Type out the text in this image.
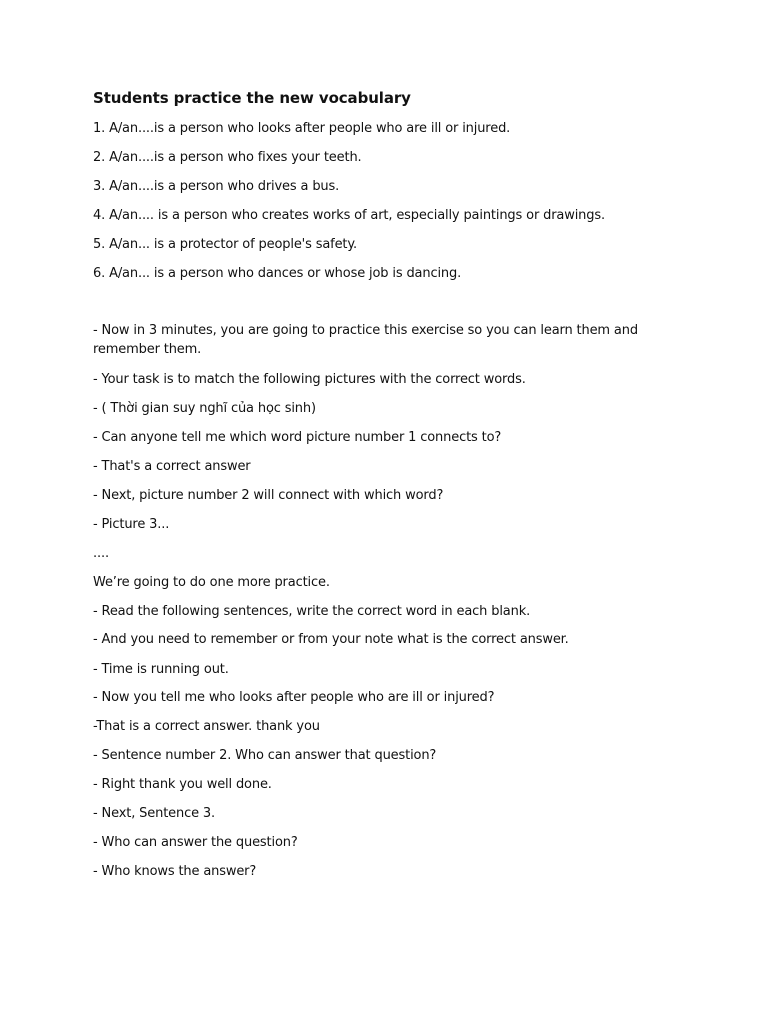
Students practice the new vocabulary
1. A/an....is a person who looks after people who are ill or injured.
2. A/an....is a person who fixes your teeth.
3. A/an....is a person who drives a bus.
4. A/an.... is a person who creates works of art, especially paintings or drawings.
5. A/an... is a protector of people's safety.
6. A/an... is a person who dances or whose job is dancing.
- Now in 3 minutes, you are going to practice this exercise so you can learn them and remember them.
- Your task is to match the following pictures with the correct words.
- ( Thời gian suy nghĩ của học sinh)
- Can anyone tell me which word picture number 1 connects to?
- That's a correct answer
- Next, picture number 2 will connect with which word?
- Picture 3...
....
We’re going to do one more practice.
- Read the following sentences, write the correct word in each blank.
- And you need to remember or from your note what is the correct answer.
- Time is running out.
- Now you tell me who looks after people who are ill or injured?
-That is a correct answer. thank you
- Sentence number 2. Who can answer that question?
- Right thank you well done.
- Next, Sentence 3.
- Who can answer the question?
- Who knows the answer?
